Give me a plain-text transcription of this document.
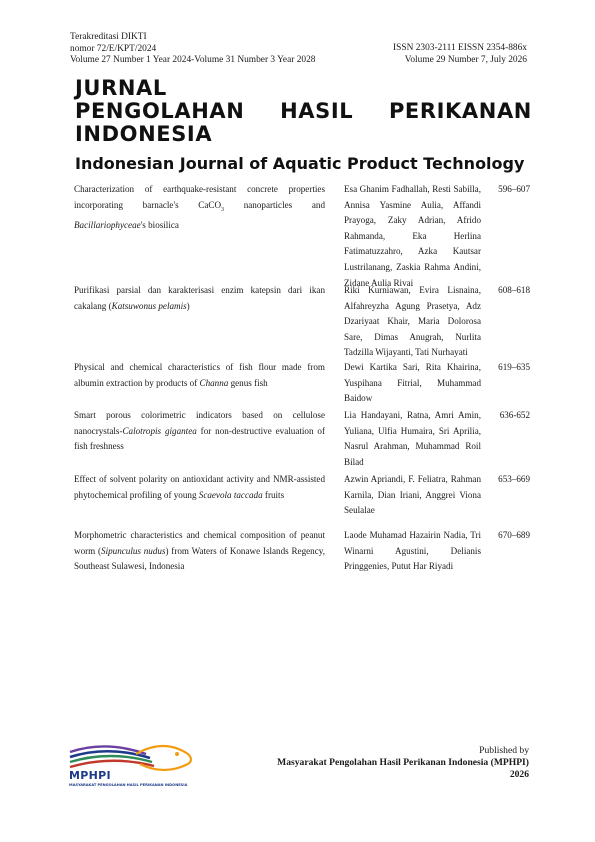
Terakreditasi DIKTI
nomor 72/E/KPT/2024
Volume 27 Number 1 Year 2024-Volume 31 Number 3 Year 2028
ISSN 2303-2111 EISSN 2354-886x
Volume 29 Number 7, July 2026
JURNAL
PENGOLAHAN HASIL PERIKANAN
INDONESIA
Indonesian Journal of Aquatic Product Technology
Characterization of earthquake-resistant concrete properties incorporating barnacle's CaCO$_3$ nanoparticles and Bacillariophyceae's biosilica
Esa Ghanim Fadhallah, Resti Sabilla, Annisa Yasmine Aulia, Affandi Prayoga, Zaky Adrian, Afrido Rahmanda, Eka Herlina Fatimatuzzahro, Azka Kautsar Lustrilanang, Zaskia Rahma Andini, Zidane Aulia Rivai
596–607
Purifikasi parsial dan karakterisasi enzim katepsin dari ikan cakalang (Katsuwonus pelamis)
Riki Kurniawan, Evira Lisnaina, Alfahreyzha Agung Prasetya, Adz Dzariyaat Khair, Maria Dolorosa Sare, Dimas Anugrah, Nurlita Tadzilla Wijayanti, Tati Nurhayati
608–618
Physical and chemical characteristics of fish flour made from albumin extraction by products of Channa genus fish
Dewi Kartika Sari, Rita Khairina, Yuspihana Fitrial, Muhammad Baidow
619–635
Smart porous colorimetric indicators based on cellulose nanocrystals-Calotropis gigantea for non-destructive evaluation of fish freshness
Lia Handayani, Ratna, Amri Amin, Yuliana, Ulfia Humaira, Sri Aprilia, Nasrul Arahman, Muhammad Roil Bilad
636-652
Effect of solvent polarity on antioxidant activity and NMR-assisted phytochemical profiling of young Scaevola taccada fruits
Azwin Apriandi, F. Feliatra, Rahman Karnila, Dian Iriani, Anggrei Viona Seulalae
653–669
Morphometric characteristics and chemical composition of peanut worm (Sipunculus nudus) from Waters of Konawe Islands Regency, Southeast Sulawesi, Indonesia
Laode Muhamad Hazairin Nadia, Tri Winarni Agustini, Delianis Pringgenies, Putut Har Riyadi
670–689
MPHPI
MASYARAKAT PENGOLAHAN HASIL PERIKANAN INDONESIA
Published by
Masyarakat Pengolahan Hasil Perikanan Indonesia (MPHPI)
2026
